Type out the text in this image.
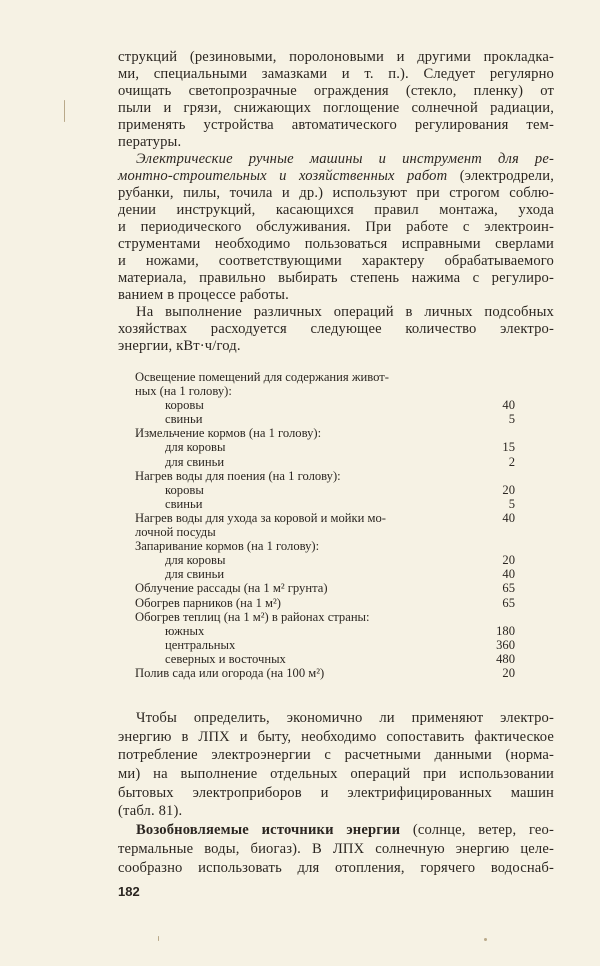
струкций (резиновыми, поролоновыми и другими прокладка-
ми, специальными замазками и т. п.). Следует регулярно
очищать светопрозрачные ограждения (стекло, пленку) от
пыли и грязи, снижающих поглощение солнечной радиации,
применять устройства автоматического регулирования тем-
пературы.
Электрические ручные машины и инструмент для ре-
монтно-строительных и хозяйственных работ (электродрели,
рубанки, пилы, точила и др.) используют при строгом соблю-
дении инструкций, касающихся правил монтажа, ухода
и периодического обслуживания. При работе с электроин-
струментами необходимо пользоваться исправными сверлами
и ножами, соответствующими характеру обрабатываемого
материала, правильно выбирать степень нажима с регулиро-
ванием в процессе работы.
На выполнение различных операций в личных подсобных
хозяйствах расходуется следующее количество электро-
энергии, кВт·ч/год.
Освещение помещений для содержания живот-
ных (на 1 голову):
коровы	40
свиньи	5
Измельчение кормов (на 1 голову):
для коровы	15
для свиньи	2
Нагрев воды для поения (на 1 голову):
коровы	20
свиньи	5
Нагрев воды для ухода за коровой и мойки мо-	40
лочной посуды
Запаривание кормов (на 1 голову):
для коровы	20
для свиньи	40
Облучение рассады (на 1 м² грунта)	65
Обогрев парников (на 1 м²)	65
Обогрев теплиц (на 1 м²) в районах страны:
южных	180
центральных	360
северных и восточных	480
Полив сада или огорода (на 100 м²)	20
Чтобы определить, экономично ли применяют электро-
энергию в ЛПХ и быту, необходимо сопоставить фактическое
потребление электроэнергии с расчетными данными (норма-
ми) на выполнение отдельных операций при использовании
бытовых электроприборов и электрифицированных машин
(табл. 81).
Возобновляемые источники энергии (солнце, ветер, гео-
термальные воды, биогаз). В ЛПХ солнечную энергию целе-
сообразно использовать для отопления, горячего водоснаб-
182
